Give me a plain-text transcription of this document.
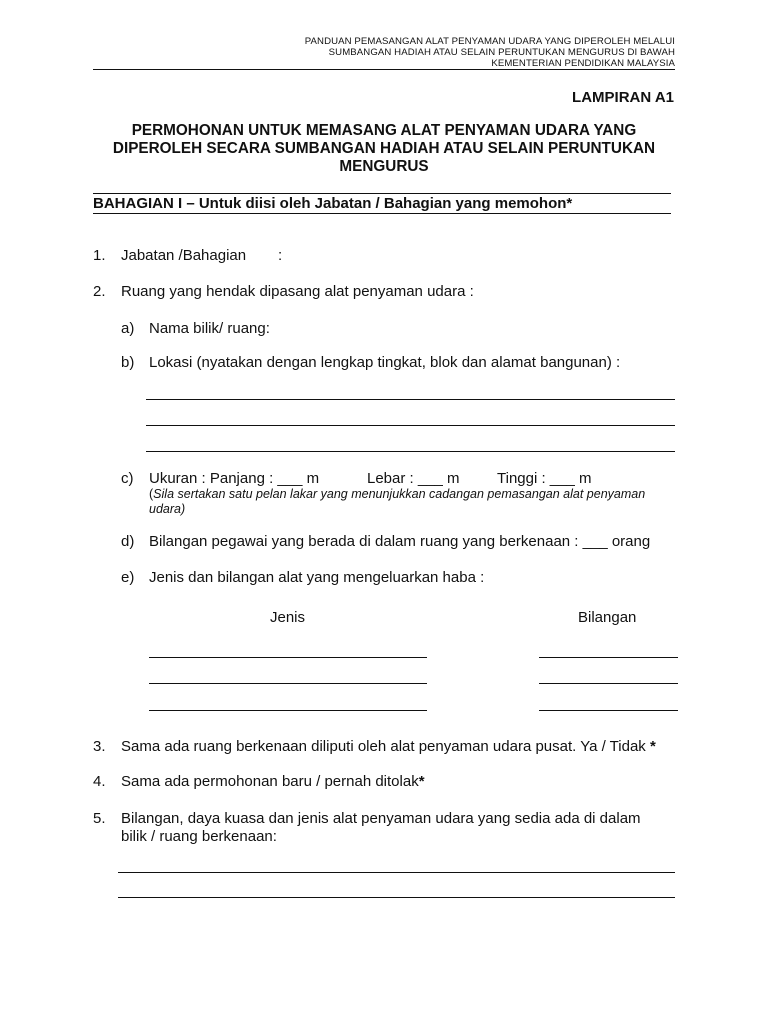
PANDUAN PEMASANGAN ALAT PENYAMAN UDARA YANG DIPEROLEH MELALUI
SUMBANGAN HADIAH ATAU SELAIN PERUNTUKAN MENGURUS DI BAWAH
KEMENTERIAN PENDIDIKAN MALAYSIA
LAMPIRAN A1
PERMOHONAN UNTUK MEMASANG ALAT PENYAMAN UDARA YANG
DIPEROLEH SECARA SUMBANGAN HADIAH ATAU SELAIN PERUNTUKAN
MENGURUS
BAHAGIAN I – Untuk diisi oleh Jabatan / Bahagian yang memohon*
1. Jabatan /Bahagian :
2. Ruang yang hendak dipasang alat penyaman udara :
a) Nama bilik/ ruang:
b) Lokasi (nyatakan dengan lengkap tingkat, blok dan alamat bangunan) :
c) Ukuran : Panjang : ___ m	Lebar : ___ m Tinggi : ___ m
(Sila sertakan satu pelan lakar yang menunjukkan cadangan pemasangan alat penyaman
udara)
d) Bilangan pegawai yang berada di dalam ruang yang berkenaan : ___ orang
e) Jenis dan bilangan alat yang mengeluarkan haba :
Jenis	Bilangan
3. Sama ada ruang berkenaan diliputi oleh alat penyaman udara pusat. Ya / Tidak *
4. Sama ada permohonan baru / pernah ditolak*
5. Bilangan, daya kuasa dan jenis alat penyaman udara yang sedia ada di dalam
bilik / ruang berkenaan:
